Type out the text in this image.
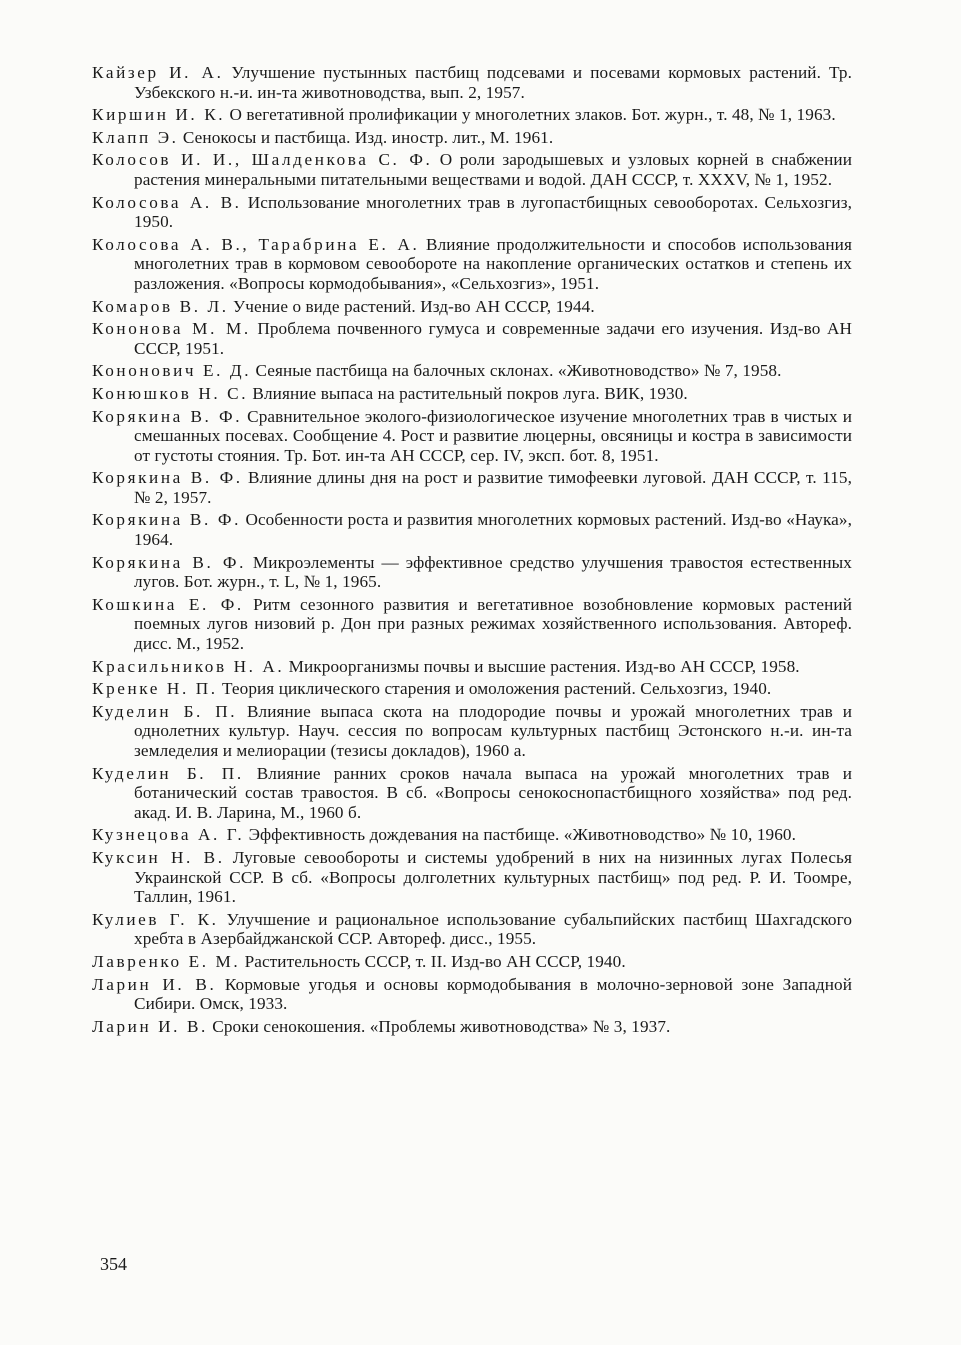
Кайзер И. А. Улучшение пустынных пастбищ подсевами и посевами кормовых растений. Тр. Узбекского н.-и. ин-та животноводства, вып. 2, 1957.

Киршин И. К. О вегетативной пролификации у многолетних злаков. Бот. журн., т. 48, № 1, 1963.

Клапп Э. Сенокосы и пастбища. Изд. иностр. лит., М. 1961.

Колосов И. И., Шалденкова С. Ф. О роли зародышевых и узловых корней в снабжении растения минеральными питательными веществами и водой. ДАН СССР, т. XXXV, № 1, 1952.

Колосова А. В. Использование многолетних трав в лугопастбищных севооборотах. Сельхозгиз, 1950.

Колосова А. В., Тарабрина Е. А. Влияние продолжительности и способов использования многолетних трав в кормовом севообороте на накопление органических остатков и степень их разложения. «Вопросы кормодобывания», «Сельхозгиз», 1951.

Комаров В. Л. Учение о виде растений. Изд-во АН СССР, 1944.

Кононова М. М. Проблема почвенного гумуса и современные задачи его изучения. Изд-во АН СССР, 1951.

Кононович Е. Д. Сеяные пастбища на балочных склонах. «Животноводство» № 7, 1958.

Конюшков Н. С. Влияние выпаса на растительный покров луга. ВИК, 1930.

Корякина В. Ф. Сравнительное эколого-физиологическое изучение многолетних трав в чистых и смешанных посевах. Сообщение 4. Рост и развитие люцерны, овсяницы и костра в зависимости от густоты стояния. Тр. Бот. ин-та АН СССР, сер. IV, эксп. бот. 8, 1951.

Корякина В. Ф. Влияние длины дня на рост и развитие тимофеевки луговой. ДАН СССР, т. 115, № 2, 1957.

Корякина В. Ф. Особенности роста и развития многолетних кормовых растений. Изд-во «Наука», 1964.

Корякина В. Ф. Микроэлементы — эффективное средство улучшения травостоя естественных лугов. Бот. журн., т. L, № 1, 1965.

Кошкина Е. Ф. Ритм сезонного развития и вегетативное возобновление кормовых растений поемных лугов низовий р. Дон при разных режимах хозяйственного использования. Автореф. дисс. М., 1952.

Красильников Н. А. Микроорганизмы почвы и высшие растения. Изд-во АН СССР, 1958.

Кренке Н. П. Теория циклического старения и омоложения растений. Сельхозгиз, 1940.

Куделин Б. П. Влияние выпаса скота на плодородие почвы и урожай многолетних трав и однолетних культур. Науч. сессия по вопросам культурных пастбищ Эстонского н.-и. ин-та земледелия и мелиорации (тезисы докладов), 1960 а.

Куделин Б. П. Влияние ранних сроков начала выпаса на урожай многолетних трав и ботанический состав травостоя. В сб. «Вопросы сенокоснопастбищного хозяйства» под ред. акад. И. В. Ларина, М., 1960 б.

Кузнецова А. Г. Эффективность дождевания на пастбище. «Животноводство» № 10, 1960.

Куксин Н. В. Луговые севообороты и системы удобрений в них на низинных лугах Полесья Украинской ССР. В сб. «Вопросы долголетних культурных пастбищ» под ред. Р. И. Тоомре, Таллин, 1961.

Кулиев Г. К. Улучшение и рациональное использование субальпийских пастбищ Шахгадского хребта в Азербайджанской ССР. Автореф. дисс., 1955.

Лавренко Е. М. Растительность СССР, т. II. Изд-во АН СССР, 1940.

Ларин И. В. Кормовые угодья и основы кормодобывания в молочно-зерновой зоне Западной Сибири. Омск, 1933.

Ларин И. В. Сроки сенокошения. «Проблемы животноводства» № 3, 1937.

354
